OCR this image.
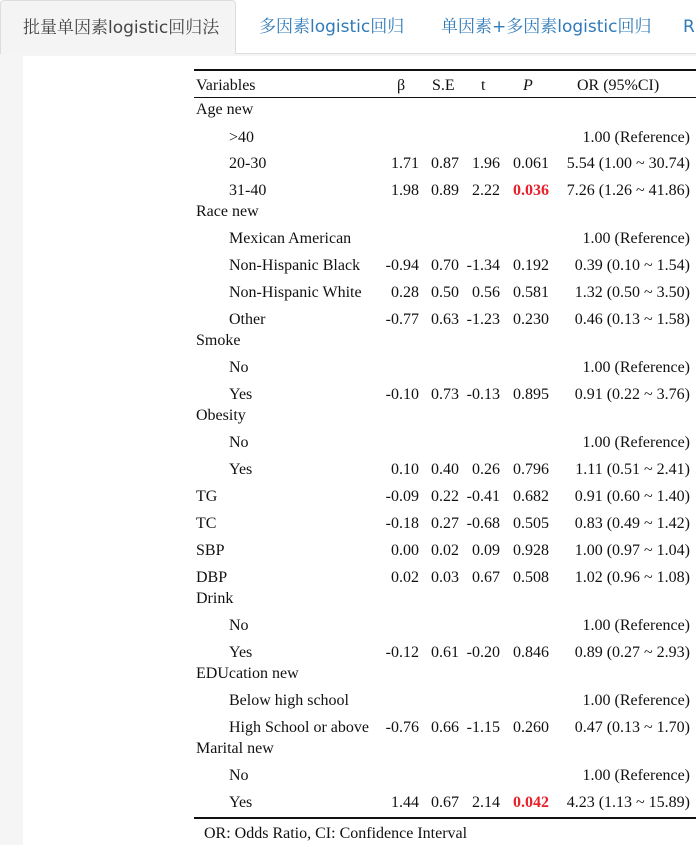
批量单因素logistic回归法	多因素logistic回归 单因素+多因素logistic回归 R
Variables	β S.E t P	OR (95%CI)
Age new
>40	1.00 (Reference)
20-30	1.71 0.87 1.96 0.061 5.54 (1.00 ~ 30.74)
31-40	1.98 0.89 2.22 0.036 7.26 (1.26 ~ 41.86)
Race new
Mexican American	1.00 (Reference)
Non-Hispanic Black -0.94 0.70 -1.34 0.192 0.39 (0.10 ~ 1.54)
Non-Hispanic White 0.28 0.50 0.56 0.581 1.32 (0.50 ~ 3.50)
Other	-0.77 0.63 -1.23 0.230 0.46 (0.13 ~ 1.58)
Smoke
No	1.00 (Reference)
Yes	-0.10 0.73 -0.13 0.895 0.91 (0.22 ~ 3.76)
Obesity
No	1.00 (Reference)
Yes	0.10 0.40 0.26 0.796 1.11 (0.51 ~ 2.41)
TG	-0.09 0.22 -0.41 0.682 0.91 (0.60 ~ 1.40)
TC	-0.18 0.27 -0.68 0.505 0.83 (0.49 ~ 1.42)
SBP	0.00 0.02 0.09 0.928 1.00 (0.97 ~ 1.04)
DBP	0.02 0.03 0.67 0.508 1.02 (0.96 ~ 1.08)
Drink
No	1.00 (Reference)
Yes	-0.12 0.61 -0.20 0.846 0.89 (0.27 ~ 2.93)
EDUcation new
Below high school	1.00 (Reference)
High School or above -0.76 0.66 -1.15 0.260 0.47 (0.13 ~ 1.70)
Marital new
No	1.00 (Reference)
Yes	1.44 0.67 2.14 0.042 4.23 (1.13 ~ 15.89)
OR: Odds Ratio, CI: Confidence Interval
